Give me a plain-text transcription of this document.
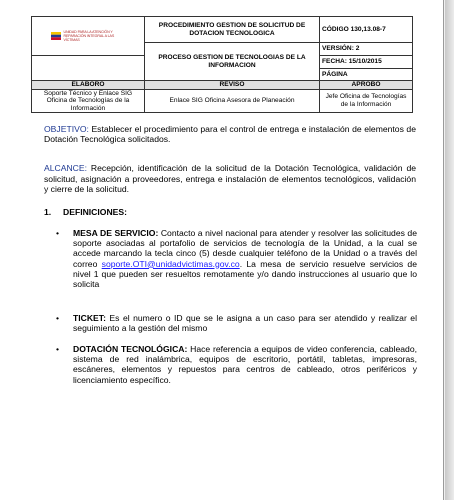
UNIDAD PARA LA ATENCIÓN Y REPARACIÓN INTEGRAL A LAS VÍCTIMAS	PROCEDIMIENTO GESTION DE SOLICITUD DE DOTACION TECNOLOGICA	CÓDIGO 130,13.08-7
	PROCESO GESTION DE TECNOLOGIAS DE LA INFORMACION	VERSIÓN: 2
		FECHA: 15/10/2015
		PÁGINA
ELABORO	REVISO	APROBO
Soporte Técnico y Enlace SIG Oficina de Tecnologías de la Información	Enlace SIG Oficina Asesora de Planeación	Jefe Oficina de Tecnologías de la Información

OBJETIVO: Establecer el procedimiento para el control de entrega e instalación de elementos de Dotación Tecnológica solicitados.

ALCANCE: Recepción, identificación de la solicitud de la Dotación Tecnológica, validación de solicitud, asignación a proveedores, entrega e instalación de elementos tecnológicos, validación y cierre de la solicitud.

1. DEFINICIONES:
• MESA DE SERVICIO: Contacto a nivel nacional para atender y resolver las solicitudes de soporte asociadas al portafolio de servicios de tecnología de la Unidad, a la cual se accede marcando la tecla cinco (5) desde cualquier teléfono de la Unidad o a través del correo soporte.OTI@unidadvictimas.gov.co. La mesa de servicio resuelve servicios de nivel 1 que pueden ser resueltos remotamente y/o dando instrucciones al usuario que lo solicita
• TICKET: Es el numero o ID que se le asigna a un caso para ser atendido y realizar el seguimiento a la gestión del mismo
• DOTACIÓN TECNOLÓGICA: Hace referencia a equipos de video conferencia, cableado, sistema de red inalámbrica, equipos de escritorio, portátil, tabletas, impresoras, escáneres, elementos y repuestos para centros de cableado, otros periféricos y licenciamiento específico.
